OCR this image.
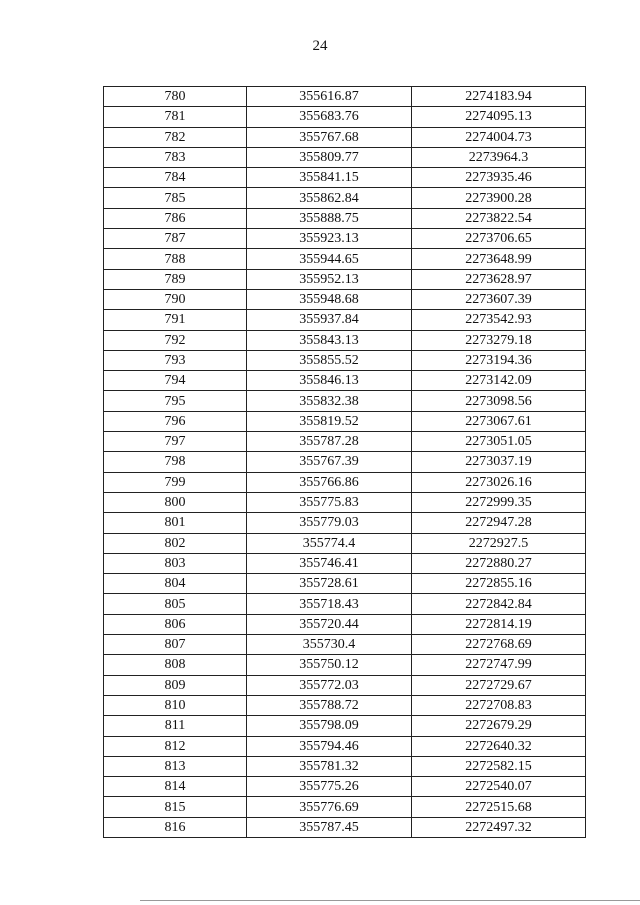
24
780	355616.87	2274183.94
781	355683.76	2274095.13
782	355767.68	2274004.73
783	355809.77	2273964.3
784	355841.15	2273935.46
785	355862.84	2273900.28
786	355888.75	2273822.54
787	355923.13	2273706.65
788	355944.65	2273648.99
789	355952.13	2273628.97
790	355948.68	2273607.39
791	355937.84	2273542.93
792	355843.13	2273279.18
793	355855.52	2273194.36
794	355846.13	2273142.09
795	355832.38	2273098.56
796	355819.52	2273067.61
797	355787.28	2273051.05
798	355767.39	2273037.19
799	355766.86	2273026.16
800	355775.83	2272999.35
801	355779.03	2272947.28
802	355774.4	2272927.5
803	355746.41	2272880.27
804	355728.61	2272855.16
805	355718.43	2272842.84
806	355720.44	2272814.19
807	355730.4	2272768.69
808	355750.12	2272747.99
809	355772.03	2272729.67
810	355788.72	2272708.83
811	355798.09	2272679.29
812	355794.46	2272640.32
813	355781.32	2272582.15
814	355775.26	2272540.07
815	355776.69	2272515.68
816	355787.45	2272497.32
